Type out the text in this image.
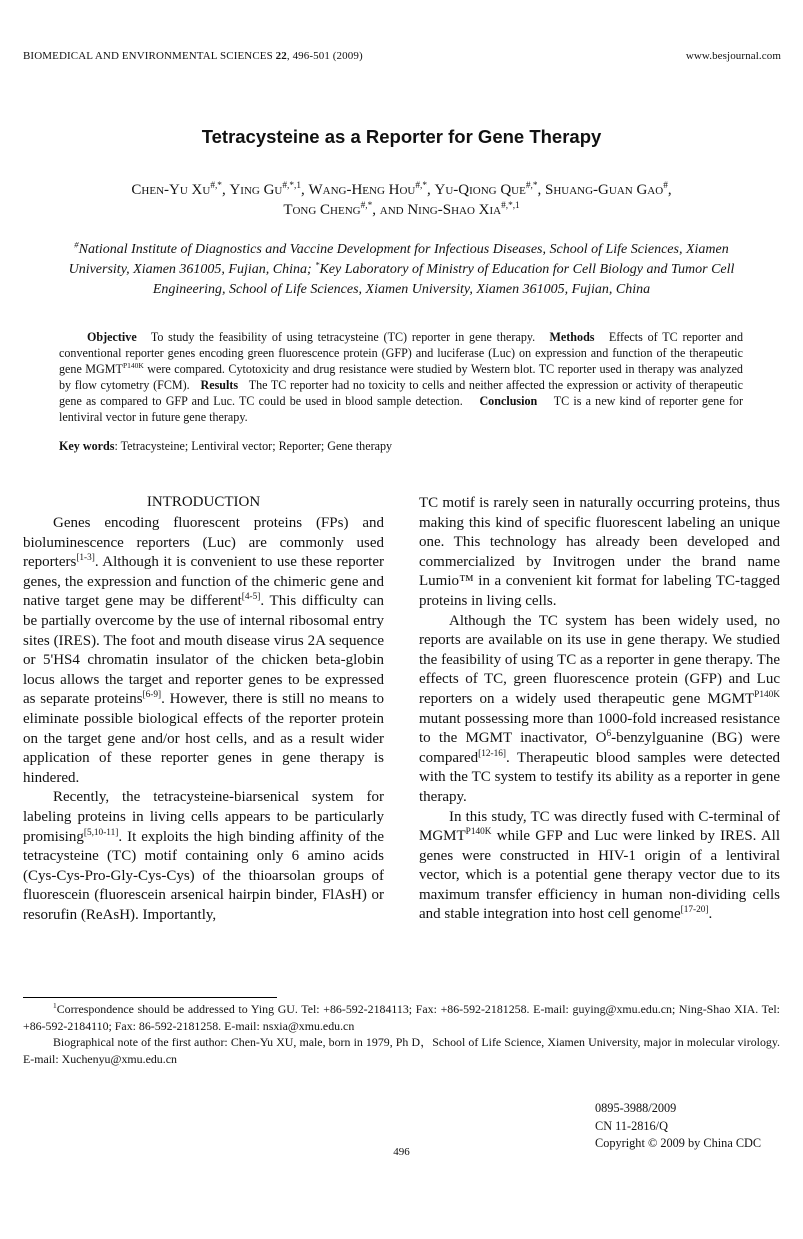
BIOMEDICAL AND ENVIRONMENTAL SCIENCES 22, 496-501 (2009)	www.besjournal.com
Tetracysteine as a Reporter for Gene Therapy
Chen-Yu Xu#,*, Ying $Gu^{\#,*,1}$, Wang-Heng Hou#,*, Yu-Qiong Que#,*, Shuang-Guan Gao#,
Tong Cheng#,*, and Ning-Shao Xia$^{\#,*,1}$
#National Institute of Diagnostics and Vaccine Development for Infectious Diseases, School of Life Sciences, Xiamen University, Xiamen 361005, Fujian, China; *Key Laboratory of Ministry of Education for Cell Biology and Tumor Cell Engineering, School of Life Sciences, Xiamen University, Xiamen 361005, Fujian, China
Objective To study the feasibility of using tetracysteine (TC) reporter in gene therapy. Methods Effects of TC reporter and conventional reporter genes encoding green fluorescence protein (GFP) and luciferase (Luc) on expression and function of the therapeutic gene $MGMT^{P140K}$ were compared. Cytotoxicity and drug resistance were studied by Western blot. TC reporter used in therapy was analyzed by flow cytometry (FCM). Results The TC reporter had no toxicity to cells and neither affected the expression or activity of therapeutic gene as compared to GFP and Luc. TC could be used in blood sample detection. Conclusion TC is a new kind of reporter gene for lentiviral vector in future gene therapy.
Key words: Tetracysteine; Lentiviral vector; Reporter; Gene therapy
INTRODUCTION

Genes encoding fluorescent proteins (FPs) and bioluminescence reporters (Luc) are commonly used reporters[1-3]. Although it is convenient to use these reporter genes, the expression and function of the chimeric gene and native target gene may be different[4-5]. This difficulty can be partially overcome by the use of internal ribosomal entry sites (IRES). The foot and mouth disease virus 2A sequence or 5'HS4 chromatin insulator of the chicken beta-globin locus allows the target and reporter genes to be expressed as separate proteins[6-9]. However, there is still no means to eliminate possible biological effects of the reporter protein on the target gene and/or host cells, and as a result wider application of these reporter genes in gene therapy is hindered.

Recently, the tetracysteine-biarsenical system for labeling proteins in living cells appears to be particularly promising[5,10-11]. It exploits the high binding affinity of the tetracysteine (TC) motif containing only 6 amino acids (Cys-Cys-Pro-Gly-Cys-Cys) of the thioarsolan groups of fluorescein (fluorescein arsenical hairpin binder, FlAsH) or resorufin (ReAsH). Importantly,

TC motif is rarely seen in naturally occurring proteins, thus making this kind of specific fluorescent labeling an unique one. This technology has already been developed and commercialized by Invitrogen under the brand name Lumio™ in a convenient kit format for labeling TC-tagged proteins in living cells.

Although the TC system has been widely used, no reports are available on its use in gene therapy. We studied the feasibility of using TC as a reporter in gene therapy. The effects of TC, green fluorescence protein (GFP) and Luc reporters on a widely used therapeutic gene $MGMT^{P140K}$ mutant possessing more than 1000-fold increased resistance to the MGMT inactivator, $O^6$-benzylguanine (BG) were compared[12-16]. Therapeutic blood samples were detected with the TC system to testify its ability as a reporter in gene therapy.

In this study, TC was directly fused with C-terminal of $MGMT^{P140K}$ while GFP and Luc were linked by IRES. All genes were constructed in HIV-1 origin of a lentiviral vector, which is a potential gene therapy vector due to its maximum transfer efficiency in human non-dividing cells and stable integration into host cell genome[17-20].

$^1$Correspondence should be addressed to Ying GU. Tel: +86-592-2184113; Fax: +86-592-2181258. E-mail: guying@xmu.edu.cn; Ning-Shao XIA. Tel: +86-592-2184110; Fax: 86-592-2181258. E-mail: nsxia@xmu.edu.cn

Biographical note of the first author: Chen-Yu XU, male, born in 1979, Ph D，School of Life Science, Xiamen University, major in molecular virology. E-mail: Xuchenyu@xmu.edu.cn

0895-3988/2009
CN 11-2816/Q
Copyright © 2009 by China CDC
496
